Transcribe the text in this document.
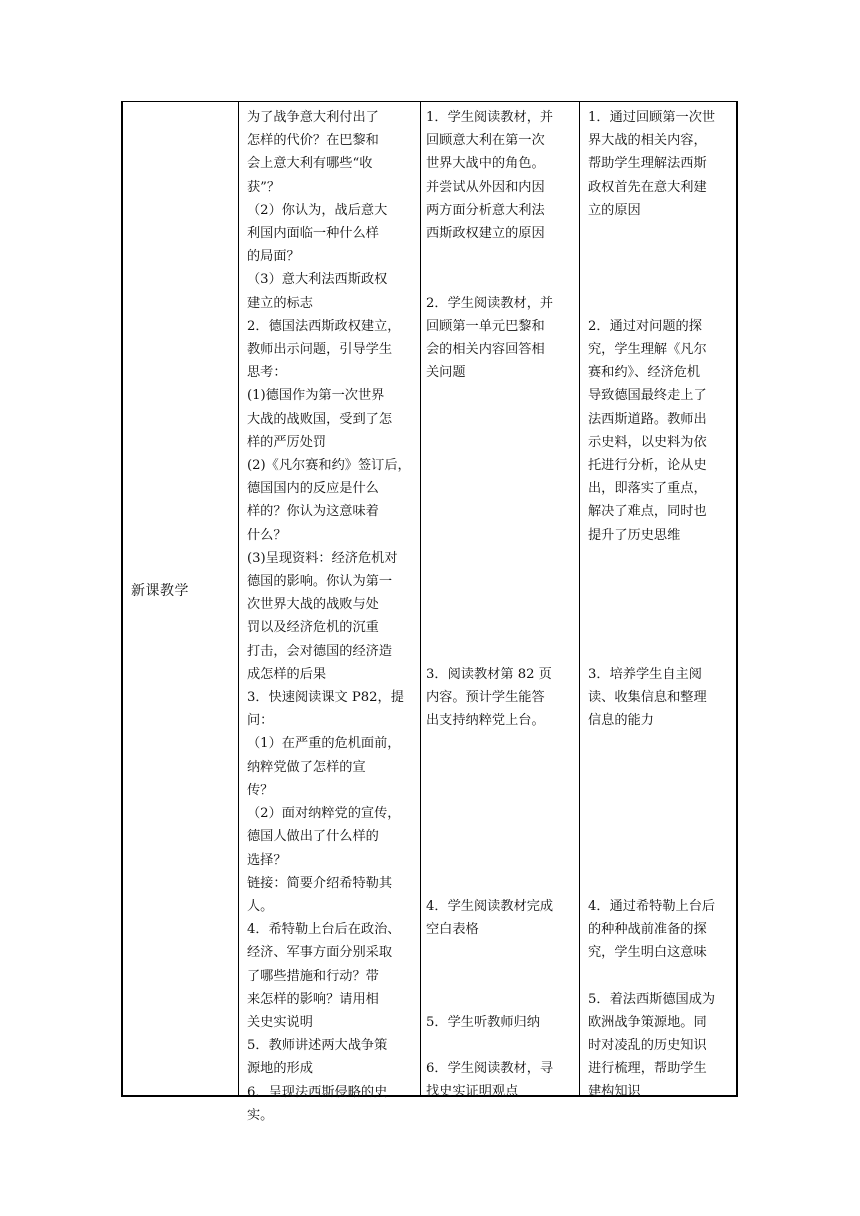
新课教学

为了战争意大利付出了

怎样的代价？在巴黎和

会上意大利有哪些“收

获”？

（2）你认为，战后意大

利国内面临一种什么样

的局面？

（3）意大利法西斯政权

建立的标志

2．德国法西斯政权建立，

教师出示问题，引导学生

思考：

(1)德国作为第一次世界

大战的战败国，受到了怎

样的严厉处罚

(2)《凡尔赛和约》签订后，

德国国内的反应是什么

样的？你认为这意味着

什么？

(3)呈现资料：经济危机对

德国的影响。你认为第一

次世界大战的战败与处

罚以及经济危机的沉重

打击，会对德国的经济造

成怎样的后果

3．快速阅读课文 P82，提

问：

（1）在严重的危机面前，

纳粹党做了怎样的宣

传？

（2）面对纳粹党的宣传，

德国人做出了什么样的

选择？

链接：简要介绍希特勒其

人。

4．希特勒上台后在政治、

经济、军事方面分别采取

了哪些措施和行动？带

来怎样的影响？请用相

关史实说明

5．教师讲述两大战争策

源地的形成

6．呈现法西斯侵略的史

实。

1．学生阅读教材，并

回顾意大利在第一次

世界大战中的角色。

并尝试从外因和内因

两方面分析意大利法

西斯政权建立的原因

2．学生阅读教材，并

回顾第一单元巴黎和

会的相关内容回答相

关问题

3．阅读教材第 82 页

内容。预计学生能答

出支持纳粹党上台。

4．学生阅读教材完成

空白表格

5．学生听教师归纳

6．学生阅读教材，寻

找史实证明观点

1．通过回顾第一次世

界大战的相关内容，

帮助学生理解法西斯

政权首先在意大利建

立的原因

2．通过对问题的探

究，学生理解《凡尔

赛和约》、经济危机

导致德国最终走上了

法西斯道路。教师出

示史料，以史料为依

托进行分析，论从史

出，即落实了重点，

解决了难点，同时也

提升了历史思维

3．培养学生自主阅

读、收集信息和整理

信息的能力

4．通过希特勒上台后

的种种战前准备的探

究，学生明白这意味

5．着法西斯德国成为

欧洲战争策源地。同

时对凌乱的历史知识

进行梳理，帮助学生

建构知识
